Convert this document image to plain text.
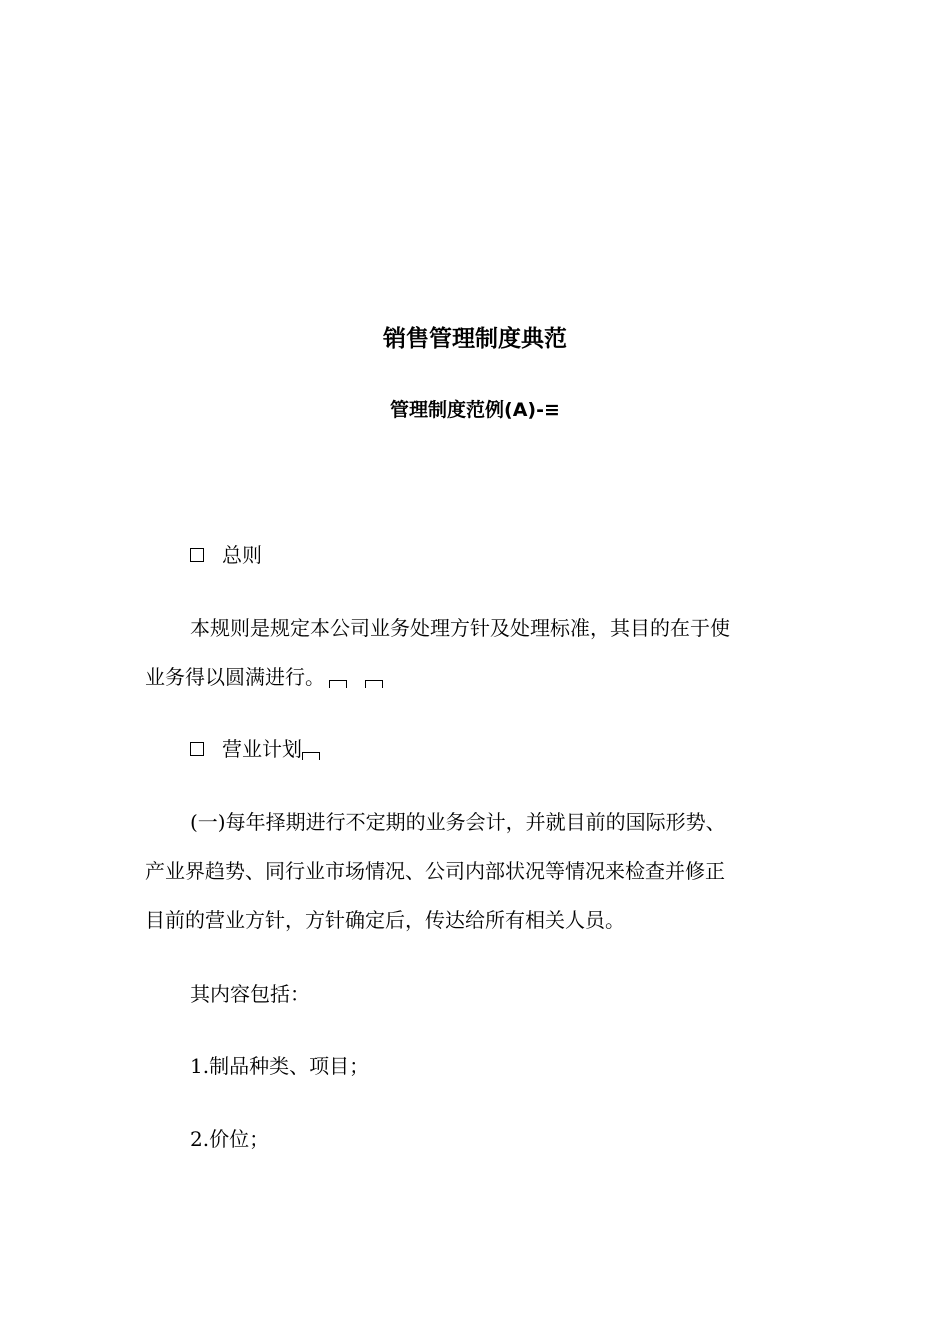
销售管理制度典范
管理制度范例(A)-≡
总则
本规则是规定本公司业务处理方针及处理标准，其目的在于使
业务得以圆满进行。
营业计划
(一)每年择期进行不定期的业务会计，并就目前的国际形势、
产业界趋势、同行业市场情况、公司内部状况等情况来检查并修正
目前的营业方针，方针确定后，传达给所有相关人员。
其内容包括：
1.制品种类、项目；
2.价位；
